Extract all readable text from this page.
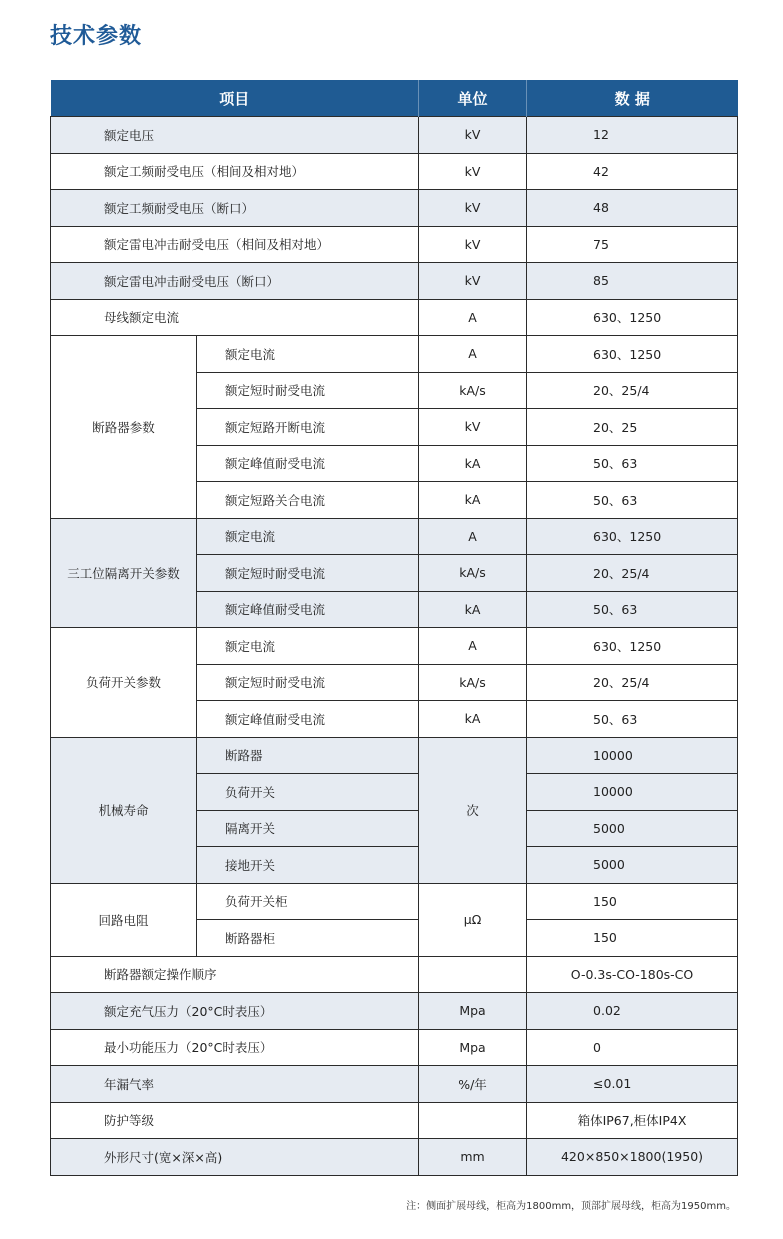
技术参数
项目		单位	数 据
额定电压		kV	12
额定工频耐受电压（相间及相对地）		kV	42
额定工频耐受电压（断口）		kV	48
额定雷电冲击耐受电压（相间及相对地）		kV	75
额定雷电冲击耐受电压（断口）		kV	85
母线额定电流		A	630、1250
断路器参数	额定电流	A	630、1250
	额定短时耐受电流	kA/s	20、25/4
	额定短路开断电流	kV	20、25
	额定峰值耐受电流	kA	50、63
	额定短路关合电流	kA	50、63
三工位隔离开关参数	额定电流	A	630、1250
	额定短时耐受电流	kA/s	20、25/4
	额定峰值耐受电流	kA	50、63
负荷开关参数	额定电流	A	630、1250
	额定短时耐受电流	kA/s	20、25/4
	额定峰值耐受电流	kA	50、63
机械寿命	断路器	次	10000
	负荷开关		10000
	隔离开关		5000
	接地开关		5000
回路电阻	负荷开关柜	μΩ	150
	断路器柜		150
断路器额定操作顺序			O-0.3s-CO-180s-CO
额定充气压力（20°C时表压）		Mpa	0.02
最小功能压力（20°C时表压）		Mpa	0
年漏气率		%/年	≤0.01
防护等级			箱体IP67,柜体IP4X
外形尺寸(宽×深×高)		mm	420×850×1800(1950)
注：侧面扩展母线，柜高为1800mm，顶部扩展母线，柜高为1950mm。
